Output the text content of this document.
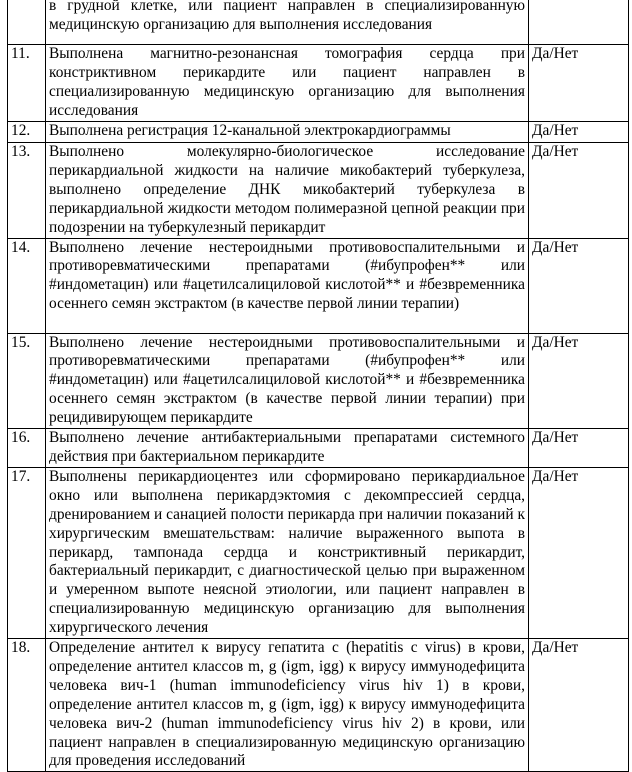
	в грудной клетке, или пациент направлен в специализированную медицинскую организацию для выполнения исследования	
11.	Выполнена магнитно-резонансная томография сердца при констриктивном перикардите или пациент направлен в специализированную медицинскую организацию для выполнения исследования	Да/Нет
12.	Выполнена регистрация 12-канальной электрокардиограммы	Да/Нет
13.	Выполнено молекулярно-биологическое исследование перикардиальной жидкости на наличие микобактерий туберкулеза, выполнено определение ДНК микобактерий туберкулеза в перикардиальной жидкости методом полимеразной цепной реакции при подозрении на туберкулезный перикардит	Да/Нет
14.	Выполнено лечение нестероидными противовоспалительными и противоревматическими препаратами (#ибупрофен** или #индометацин) или #ацетилсалициловой кислотой** и #безвременника осеннего семян экстрактом (в качестве первой линии терапии)	Да/Нет
15.	Выполнено лечение нестероидными противовоспалительными и противоревматическими препаратами (#ибупрофен** или #индометацин) или #ацетилсалициловой кислотой** и #безвременника осеннего семян экстрактом (в качестве первой линии терапии) при рецидивирующем перикардите	Да/Нет
16.	Выполнено лечение антибактериальными препаратами системного действия при бактериальном перикардите	Да/Нет
17.	Выполнены перикардиоцентез или сформировано перикардиальное окно или выполнена перикардэктомия с декомпрессией сердца, дренированием и санацией полости перикарда при наличии показаний к хирургическим вмешательствам: наличие выраженного выпота в перикард, тампонада сердца и констриктивный перикардит, бактериальный перикардит, с диагностической целью при выраженном и умеренном выпоте неясной этиологии, или пациент направлен в специализированную медицинскую организацию для выполнения хирургического лечения	Да/Нет
18.	Определение антител к вирусу гепатита с (hepatitis c virus) в крови, определение антител классов m, g (igm, igg) к вирусу иммунодефицита человека вич-1 (human immunodeficiency virus hiv 1) в крови, определение антител классов m, g (igm, igg) к вирусу иммунодефицита человека вич-2 (human immunodeficiency virus hiv 2) в крови, или пациент направлен в специализированную медицинскую организацию для проведения исследований	Да/Нет
